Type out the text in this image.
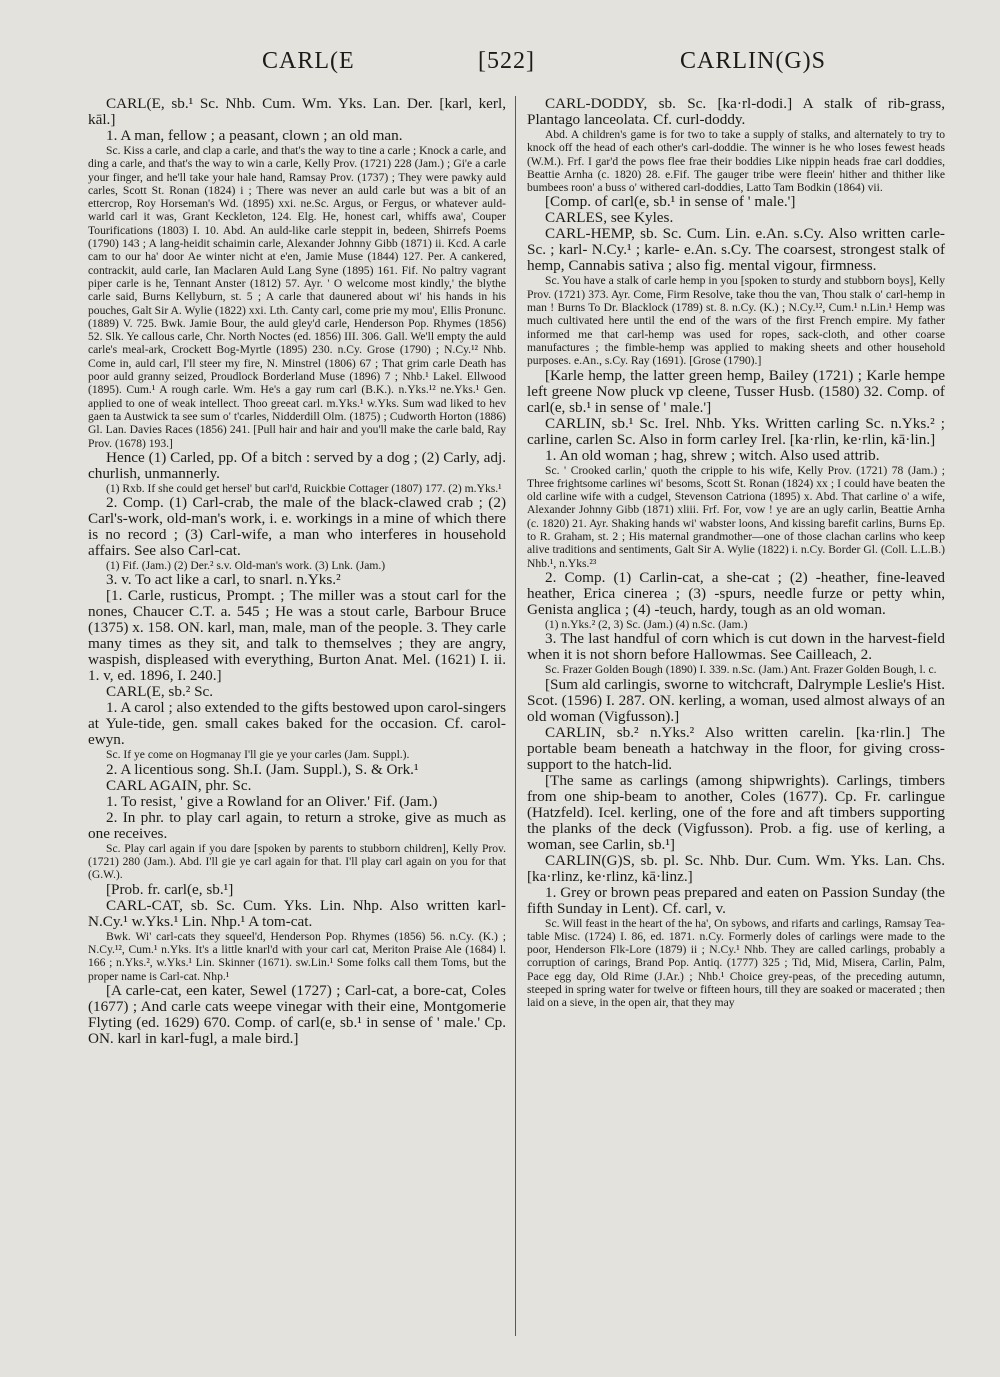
CARL(E	[522]	CARLIN(G)S

CARL(E, sb.¹ Sc. Nhb. Cum. Wm. Yks. Lan. Der. [karl, kerl, kāl.]

1. A man, fellow ; a peasant, clown ; an old man.

Sc. Kiss a carle, and clap a carle, and that's the way to tine a carle ; Knock a carle, and ding a carle, and that's the way to win a carle, Kelly Prov. (1721) 228 (Jam.) ; Gi'e a carle your finger, and he'll take your hale hand, Ramsay Prov. (1737) ; They were pawky auld carles, Scott St. Ronan (1824) i ; There was never an auld carle but was a bit of an ettercrop, Roy Horseman's Wd. (1895) xxi. ne.Sc. Argus, or Fergus, or whatever auld-warld carl it was, Grant Keckleton, 124. Elg. He, honest carl, whiffs awa', Couper Tourifications (1803) I. 10. Abd. An auld-like carle steppit in, bedeen, Shirrefs Poems (1790) 143 ; A lang-heidit schaimin carle, Alexander Johnny Gibb (1871) ii. Kcd. A carle cam to our ha' door Ae winter nicht at e'en, Jamie Muse (1844) 127. Per. A cankered, contrackit, auld carle, Ian Maclaren Auld Lang Syne (1895) 161. Fif. No paltry vagrant piper carle is he, Tennant Anster (1812) 57. Ayr. ' O welcome most kindly,' the blythe carle said, Burns Kellyburn, st. 5 ; A carle that daunered about wi' his hands in his pouches, Galt Sir A. Wylie (1822) xxi. Lth. Canty carl, come prie my mou', Ellis Pronunc. (1889) V. 725. Bwk. Jamie Bour, the auld gley'd carle, Henderson Pop. Rhymes (1856) 52. Slk. Ye callous carle, Chr. North Noctes (ed. 1856) III. 306. Gall. We'll empty the auld carle's meal-ark, Crockett Bog-Myrtle (1895) 230. n.Cy. Grose (1790) ; N.Cy.¹² Nhb. Come in, auld carl, I'll steer my fire, N. Minstrel (1806) 67 ; That grim carle Death has poor auld granny seized, Proudlock Borderland Muse (1896) 7 ; Nhb.¹ Lakel. Ellwood (1895). Cum.¹ A rough carle. Wm. He's a gay rum carl (B.K.). n.Yks.¹² ne.Yks.¹ Gen. applied to one of weak intellect. Thoo greeat carl. m.Yks.¹ w.Yks. Sum wad liked to hev gaen ta Austwick ta see sum o' t'carles, Nidderdill Olm. (1875) ; Cudworth Horton (1886) Gl. Lan. Davies Races (1856) 241. [Pull hair and hair and you'll make the carle bald, Ray Prov. (1678) 193.]

Hence (1) Carled, pp. Of a bitch : served by a dog ; (2) Carly, adj. churlish, unmannerly.

(1) Rxb. If she could get hersel' but carl'd, Ruickbie Cottager (1807) 177. (2) m.Yks.¹

2. Comp. (1) Carl-crab, the male of the black-clawed crab ; (2) Carl's-work, old-man's work, i. e. workings in a mine of which there is no record ; (3) Carl-wife, a man who interferes in household affairs. See also Carl-cat.

(1) Fif. (Jam.) (2) Der.² s.v. Old-man's work. (3) Lnk. (Jam.)

3. v. To act like a carl, to snarl. n.Yks.²

[1. Carle, rusticus, Prompt. ; The miller was a stout carl for the nones, Chaucer C.T. a. 545 ; He was a stout carle, Barbour Bruce (1375) x. 158. ON. karl, man, male, man of the people. 3. They carle many times as they sit, and talk to themselves ; they are angry, waspish, displeased with everything, Burton Anat. Mel. (1621) I. ii. 1. v, ed. 1896, I. 240.]

CARL(E, sb.² Sc.

1. A carol ; also extended to the gifts bestowed upon carol-singers at Yule-tide, gen. small cakes baked for the occasion. Cf. carol-ewyn.

Sc. If ye come on Hogmanay I'll gie ye your carles (Jam. Suppl.).

2. A licentious song. Sh.I. (Jam. Suppl.), S. & Ork.¹

CARL AGAIN, phr. Sc.

1. To resist, ' give a Rowland for an Oliver.' Fif. (Jam.)

2. In phr. to play carl again, to return a stroke, give as much as one receives.

Sc. Play carl again if you dare [spoken by parents to stubborn children], Kelly Prov. (1721) 280 (Jam.). Abd. I'll gie ye carl again for that. I'll play carl again on you for that (G.W.).

[Prob. fr. carl(e, sb.¹]

CARL-CAT, sb. Sc. Cum. Yks. Lin. Nhp. Also written karl- N.Cy.¹ w.Yks.¹ Lin. Nhp.¹ A tom-cat.

Bwk. Wi' carl-cats they squeel'd, Henderson Pop. Rhymes (1856) 56. n.Cy. (K.) ; N.Cy.¹², Cum.¹ n.Yks. It's a little knarl'd with your carl cat, Meriton Praise Ale (1684) l. 166 ; n.Yks.², w.Yks.¹ Lin. Skinner (1671). sw.Lin.¹ Some folks call them Toms, but the proper name is Carl-cat. Nhp.¹

[A carle-cat, een kater, Sewel (1727) ; Carl-cat, a bore-cat, Coles (1677) ; And carle cats weepe vinegar with their eine, Montgomerie Flyting (ed. 1629) 670. Comp. of carl(e, sb.¹ in sense of ' male.' Cp. ON. karl in karl-fugl, a male bird.]

CARL-DODDY, sb. Sc. [ka·rl-dodi.] A stalk of rib-grass, Plantago lanceolata. Cf. curl-doddy.

Abd. A children's game is for two to take a supply of stalks, and alternately to try to knock off the head of each other's carl-doddie. The winner is he who loses fewest heads (W.M.). Frf. I gar'd the pows flee frae their boddies Like nippin heads frae carl doddies, Beattie Arnha (c. 1820) 28. e.Fif. The gauger tribe were fleein' hither and thither like bumbees roon' a buss o' withered carl-doddies, Latto Tam Bodkin (1864) vii.

[Comp. of carl(e, sb.¹ in sense of ' male.']

CARLES, see Kyles.

CARL-HEMP, sb. Sc. Cum. Lin. e.An. s.Cy. Also written carle- Sc. ; karl- N.Cy.¹ ; karle- e.An. s.Cy. The coarsest, strongest stalk of hemp, Cannabis sativa ; also fig. mental vigour, firmness.

Sc. You have a stalk of carle hemp in you [spoken to sturdy and stubborn boys], Kelly Prov. (1721) 373. Ayr. Come, Firm Resolve, take thou the van, Thou stalk o' carl-hemp in man ! Burns To Dr. Blacklock (1789) st. 8. n.Cy. (K.) ; N.Cy.¹², Cum.¹ n.Lin.¹ Hemp was much cultivated here until the end of the wars of the first French empire. My father informed me that carl-hemp was used for ropes, sack-cloth, and other coarse manufactures ; the fimble-hemp was applied to making sheets and other household purposes. e.An., s.Cy. Ray (1691). [Grose (1790).]

[Karle hemp, the latter green hemp, Bailey (1721) ; Karle hempe left greene Now pluck vp cleene, Tusser Husb. (1580) 32. Comp. of carl(e, sb.¹ in sense of ' male.']

CARLIN, sb.¹ Sc. Irel. Nhb. Yks. Written carling Sc. n.Yks.² ; carline, carlen Sc. Also in form carley Irel. [ka·rlin, ke·rlin, kā·lin.]

1. An old woman ; hag, shrew ; witch. Also used attrib.

Sc. ' Crooked carlin,' quoth the cripple to his wife, Kelly Prov. (1721) 78 (Jam.) ; Three frightsome carlines wi' besoms, Scott St. Ronan (1824) xx ; I could have beaten the old carline wife with a cudgel, Stevenson Catriona (1895) x. Abd. That carline o' a wife, Alexander Johnny Gibb (1871) xliii. Frf. For, vow ! ye are an ugly carlin, Beattie Arnha (c. 1820) 21. Ayr. Shaking hands wi' wabster loons, And kissing barefit carlins, Burns Ep. to R. Graham, st. 2 ; His maternal grandmother—one of those clachan carlins who keep alive traditions and sentiments, Galt Sir A. Wylie (1822) i. n.Cy. Border Gl. (Coll. L.L.B.) Nhb.¹, n.Yks.²³

2. Comp. (1) Carlin-cat, a she-cat ; (2) -heather, fine-leaved heather, Erica cinerea ; (3) -spurs, needle furze or petty whin, Genista anglica ; (4) -teuch, hardy, tough as an old woman.

(1) n.Yks.² (2, 3) Sc. (Jam.) (4) n.Sc. (Jam.)

3. The last handful of corn which is cut down in the harvest-field when it is not shorn before Hallowmas. See Cailleach, 2.

Sc. Frazer Golden Bough (1890) I. 339. n.Sc. (Jam.) Ant. Frazer Golden Bough, l. c.

[Sum ald carlingis, sworne to witchcraft, Dalrymple Leslie's Hist. Scot. (1596) I. 287. ON. kerling, a woman, used almost always of an old woman (Vigfusson).]

CARLIN, sb.² n.Yks.² Also written carelin. [ka·rlin.] The portable beam beneath a hatchway in the floor, for giving cross-support to the hatch-lid.

[The same as carlings (among shipwrights). Carlings, timbers from one ship-beam to another, Coles (1677). Cp. Fr. carlingue (Hatzfeld). Icel. kerling, one of the fore and aft timbers supporting the planks of the deck (Vigfusson). Prob. a fig. use of kerling, a woman, see Carlin, sb.¹]

CARLIN(G)S, sb. pl. Sc. Nhb. Dur. Cum. Wm. Yks. Lan. Chs. [ka·rlinz, ke·rlinz, kā·linz.]

1. Grey or brown peas prepared and eaten on Passion Sunday (the fifth Sunday in Lent). Cf. carl, v.

Sc. Will feast in the heart of the ha', On sybows, and rifarts and carlings, Ramsay Tea-table Misc. (1724) I. 86, ed. 1871. n.Cy. Formerly doles of carlings were made to the poor, Henderson Flk-Lore (1879) ii ; N.Cy.¹ Nhb. They are called carlings, probably a corruption of carings, Brand Pop. Antiq. (1777) 325 ; Tid, Mid, Misera, Carlin, Palm, Pace egg day, Old Rime (J.Ar.) ; Nhb.¹ Choice grey-peas, of the preceding autumn, steeped in spring water for twelve or fifteen hours, till they are soaked or macerated ; then laid on a sieve, in the open air, that they may
